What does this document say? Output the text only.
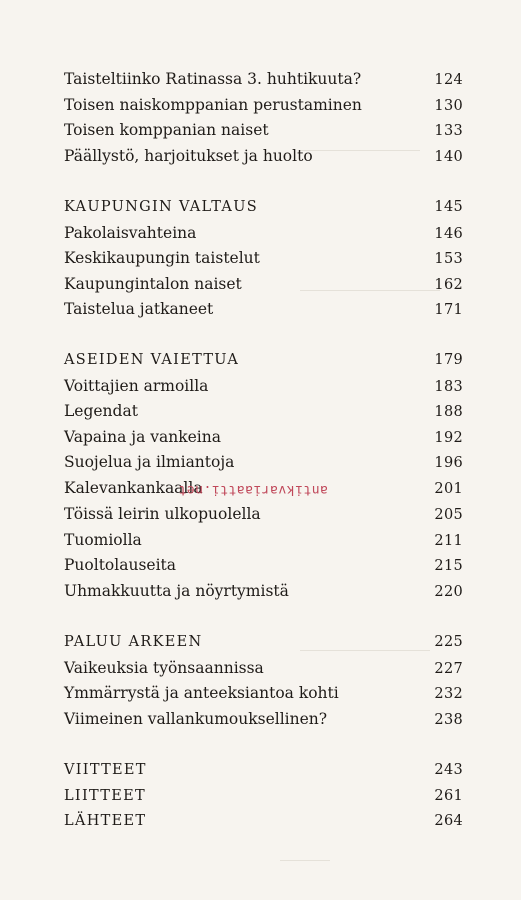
Taisteltiinko Ratinassa 3. huhtikuuta?	124
Toisen naiskomppanian perustaminen	130
Toisen komppanian naiset	133
Päällystö, harjoitukset ja huolto	140
KAUPUNGIN VALTAUS	145
Pakolaisvahteina	146
Keskikaupungin taistelut	153
Kaupungintalon naiset	162
Taistelua jatkaneet	171
ASEIDEN VAIETTUA	179
Voittajien armoilla	183
Legendat	188
Vapaina ja vankeina	192
Suojelua ja ilmiantoja	196
Kalevankankaalla	201
Töissä leirin ulkopuolella	205
Tuomiolla	211
Puoltolauseita	215
Uhmakkuutta ja nöyrtymistä	220
PALUU ARKEEN	225
Vaikeuksia työnsaannissa	227
Ymmärrystä ja anteeksiantoa kohti	232
Viimeinen vallankumouksellinen?	238
VIITTEET	243
LIITTEET	261
LÄHTEET	264
antikvariaatti.net
